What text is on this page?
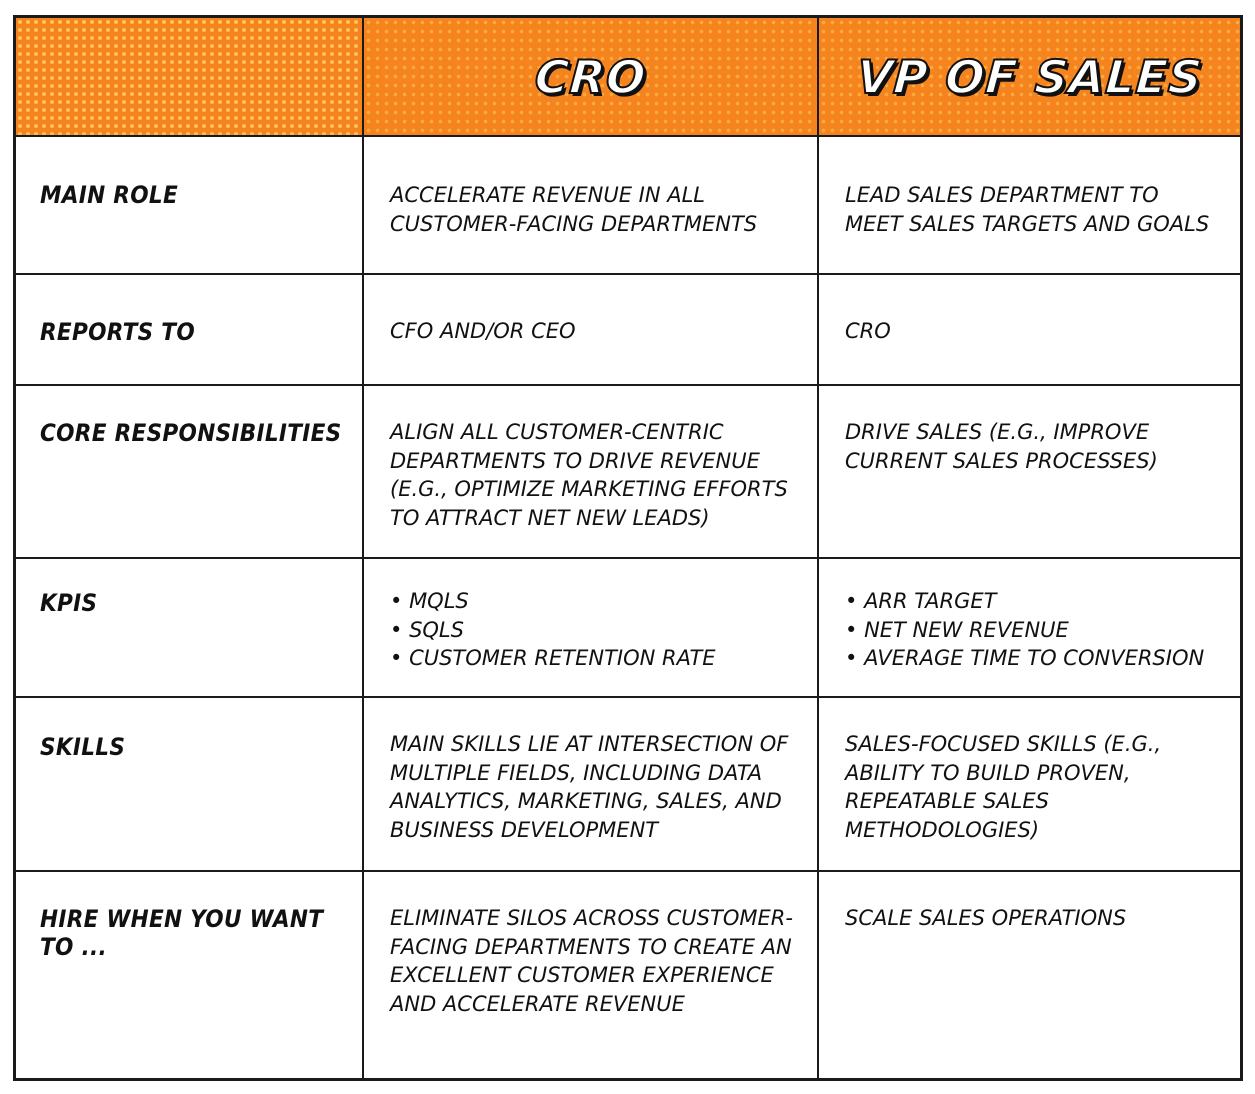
CRO	VP OF SALES
MAIN ROLE	ACCELERATE REVENUE IN ALL CUSTOMER-FACING DEPARTMENTS

LEAD SALES DEPARTMENT TO MEET SALES TARGETS AND GOALS

REPORTS TO	CFO AND/OR CEO	CRO

CORE RESPONSIBILITIES	ALIGN ALL CUSTOMER-CENTRIC DEPARTMENTS TO DRIVE REVENUE (E.G., OPTIMIZE MARKETING EFFORTS TO ATTRACT NET NEW LEADS)

DRIVE SALES (E.G., IMPROVE CURRENT SALES PROCESSES)

KPIS
•	MQLS
• SQLS
• CUSTOMER RETENTION RATE
• ARR TARGET
• NET NEW REVENUE
• AVERAGE TIME TO CONVERSION
SKILLS	MAIN SKILLS LIE AT INTERSECTION OF MULTIPLE FIELDS, INCLUDING DATA ANALYTICS, MARKETING, SALES, AND BUSINESS DEVELOPMENT

SALES-FOCUSED SKILLS (E.G., ABILITY TO BUILD PROVEN, REPEATABLE SALES METHODOLOGIES)

HIRE WHEN YOU WANT TO ...

ELIMINATE SILOS ACROSS CUSTOMER-FACING DEPARTMENTS TO CREATE AN EXCELLENT CUSTOMER EXPERIENCE AND ACCELERATE REVENUE

SCALE SALES OPERATIONS
